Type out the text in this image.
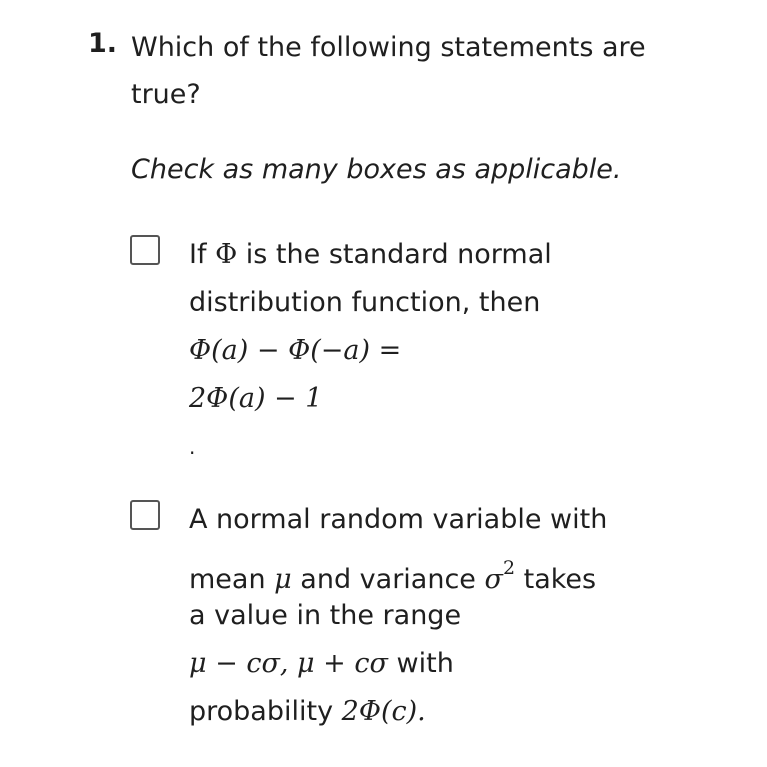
1. Which of the following statements are true?
Check as many boxes as applicable.
If Φ is the standard normal
distribution function, then
Φ(a) − Φ(−a) =
2Φ(a) − 1
.
A normal random variable with
mean μ and variance $\sigma^2$ takes
a value in the range
μ − cσ, μ + cσ with
probability 2Φ(c).
